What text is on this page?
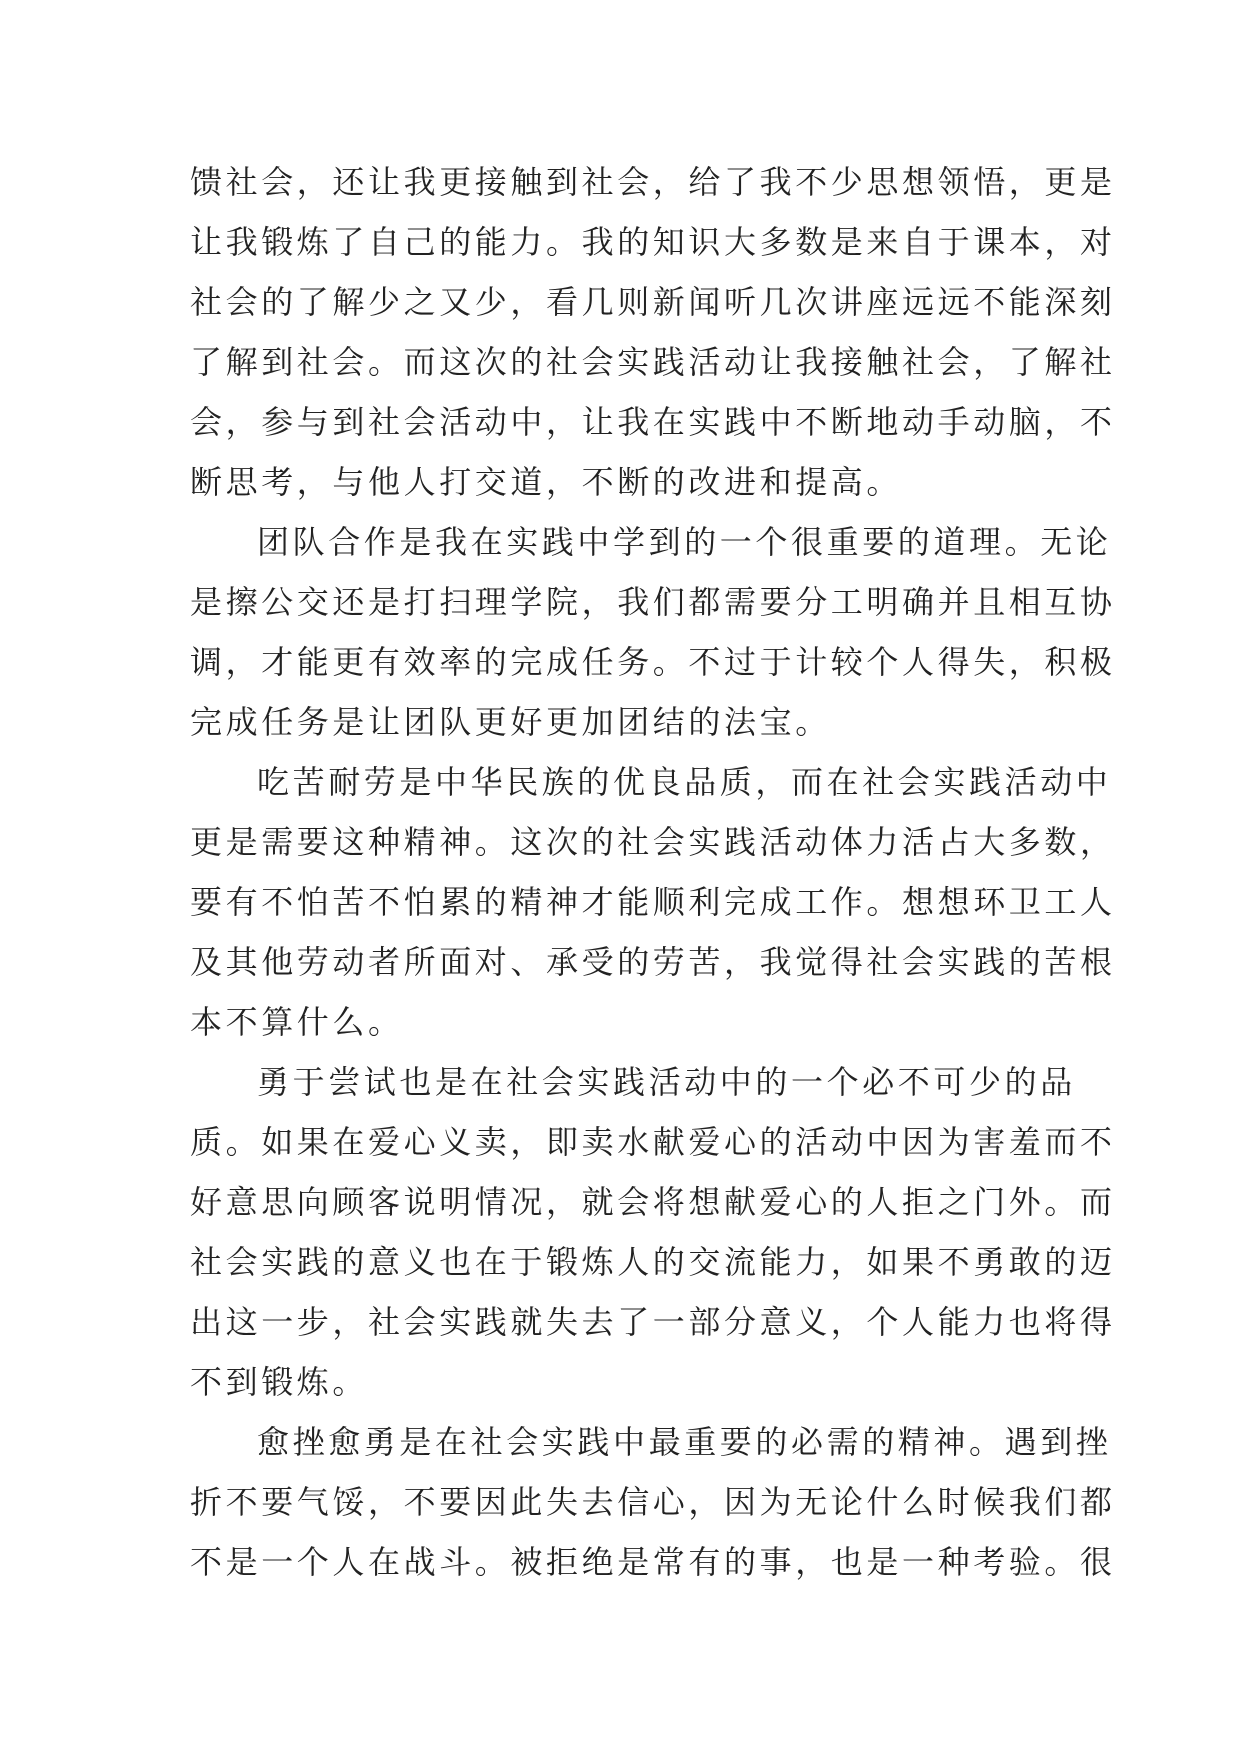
馈社会，还让我更接触到社会，给了我不少思想领悟，更是
让我锻炼了自己的能力。我的知识大多数是来自于课本，对
社会的了解少之又少，看几则新闻听几次讲座远远不能深刻
了解到社会。而这次的社会实践活动让我接触社会，了解社
会，参与到社会活动中，让我在实践中不断地动手动脑，不
断思考，与他人打交道，不断的改进和提高。
团队合作是我在实践中学到的一个很重要的道理。无论
是擦公交还是打扫理学院，我们都需要分工明确并且相互协
调，才能更有效率的完成任务。不过于计较个人得失，积极
完成任务是让团队更好更加团结的法宝。
吃苦耐劳是中华民族的优良品质，而在社会实践活动中
更是需要这种精神。这次的社会实践活动体力活占大多数，
要有不怕苦不怕累的精神才能顺利完成工作。想想环卫工人
及其他劳动者所面对、承受的劳苦，我觉得社会实践的苦根
本不算什么。
勇于尝试也是在社会实践活动中的一个必不可少的品
质。如果在爱心义卖，即卖水献爱心的活动中因为害羞而不
好意思向顾客说明情况，就会将想献爱心的人拒之门外。而
社会实践的意义也在于锻炼人的交流能力，如果不勇敢的迈
出这一步，社会实践就失去了一部分意义，个人能力也将得
不到锻炼。
愈挫愈勇是在社会实践中最重要的必需的精神。遇到挫
折不要气馁，不要因此失去信心，因为无论什么时候我们都
不是一个人在战斗。被拒绝是常有的事，也是一种考验。很
